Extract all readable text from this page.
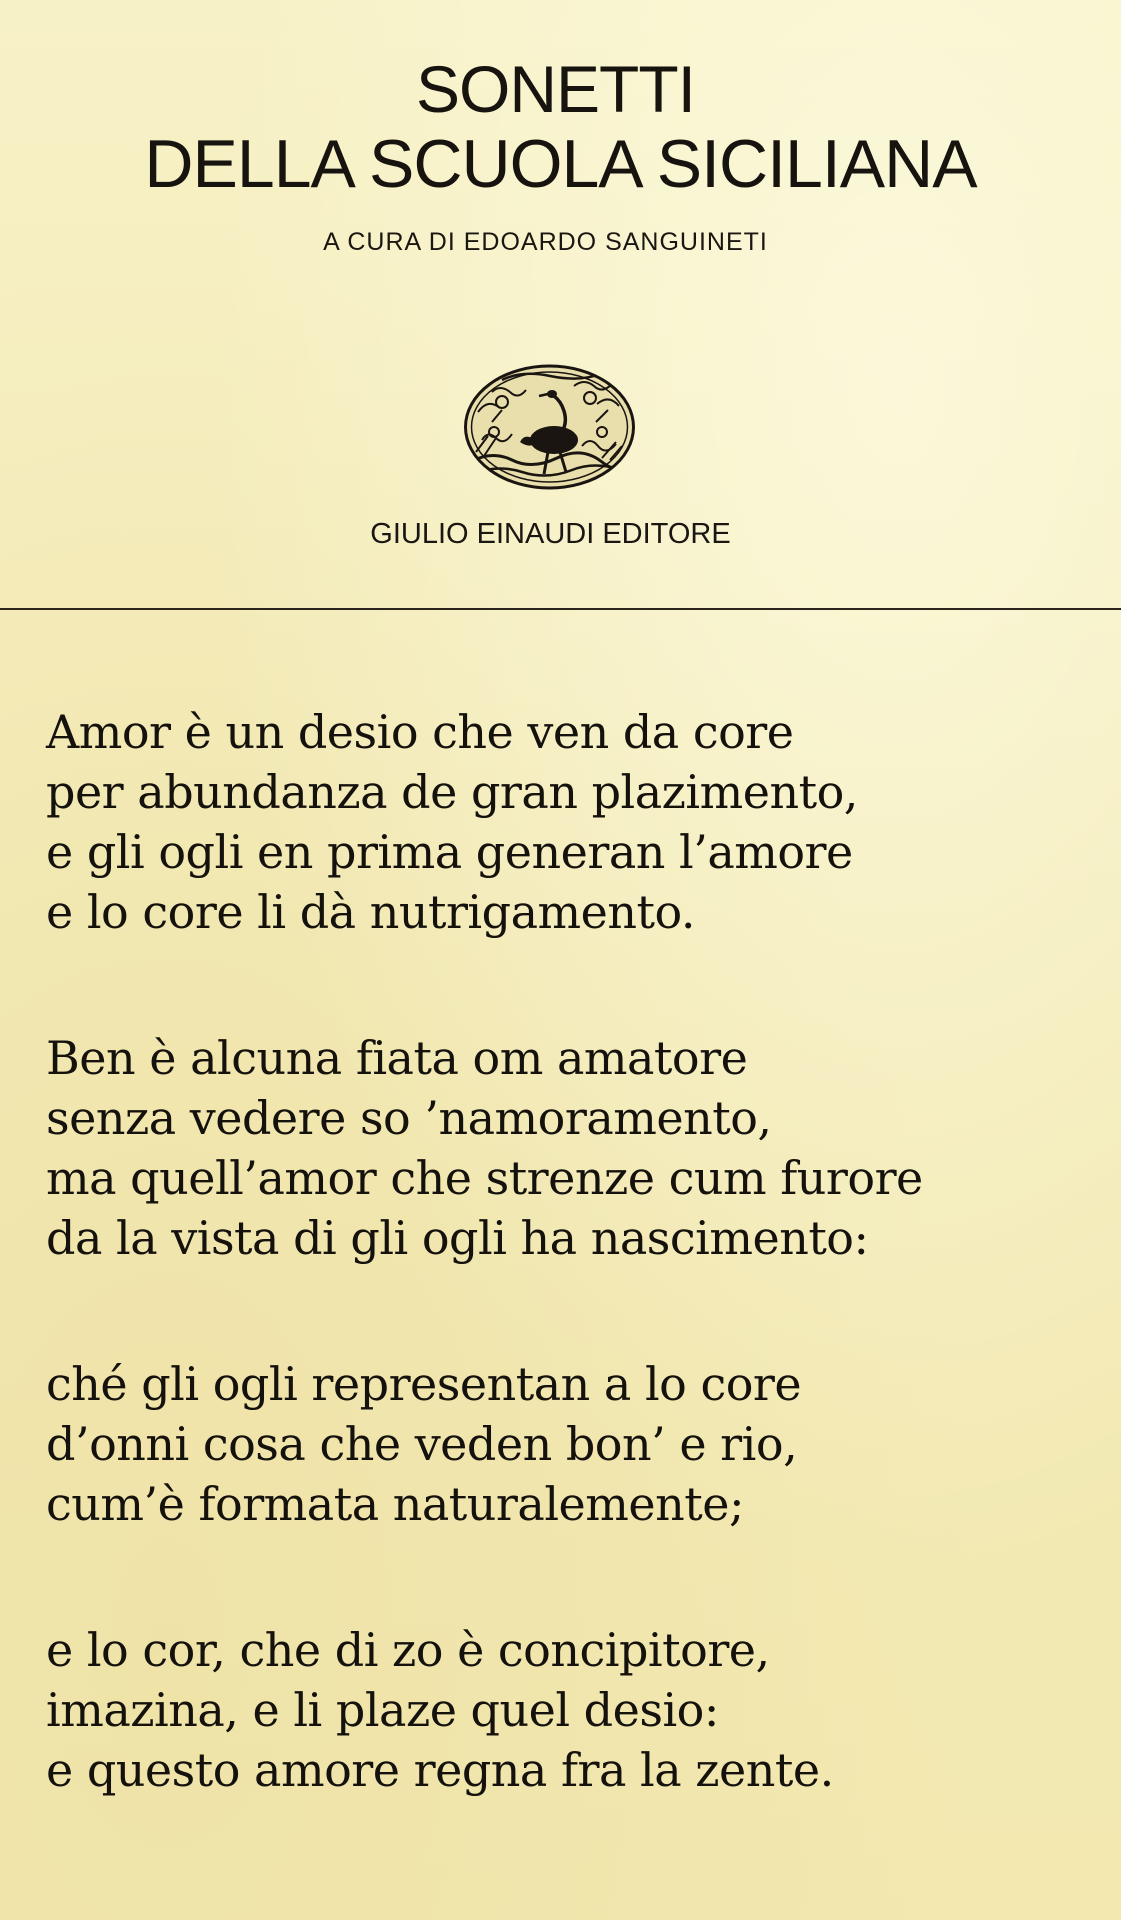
SONETTI
DELLA SCUOLA SICILIANA
A CURA DI EDOARDO SANGUINETI
GIULIO EINAUDI EDITORE
Amor è un desio che ven da core
per abundanza de gran plazimento,
e gli ogli en prima generan l’amore
e lo core li dà nutrigamento.
Ben è alcuna fiata om amatore
senza vedere so ’namoramento,
ma quell’amor che strenze cum furore
da la vista di gli ogli ha nascimento:
ché gli ogli representan a lo core
d’onni cosa che veden bon’ e rio,
cum’è formata naturalemente;
e lo cor, che di zo è concipitore,
imazina, e li plaze quel desio:
e questo amore regna fra la zente.
